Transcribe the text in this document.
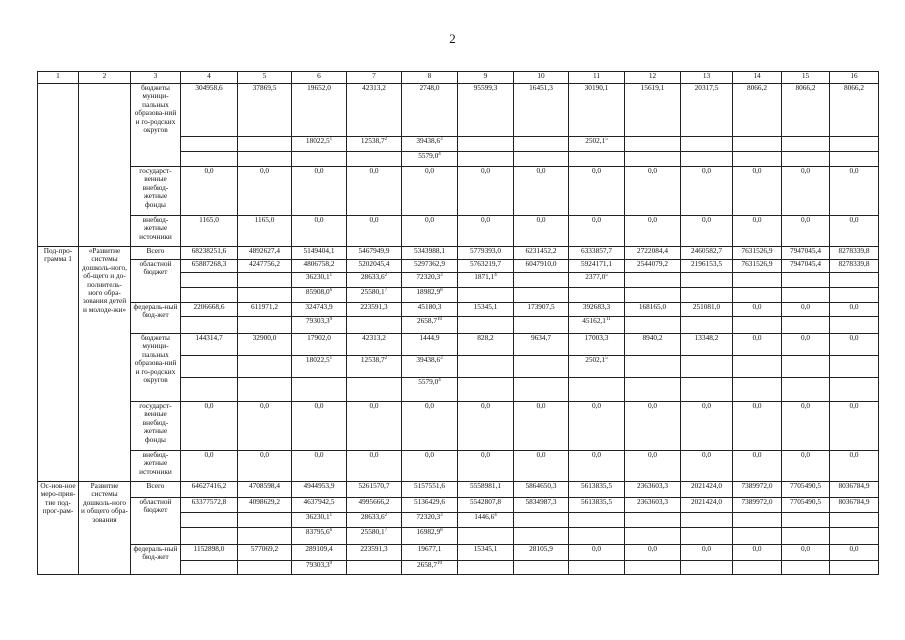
2
1	2	3	4	5	6	7	8	9	10	11	12	13	14	15	16
		бюджеты муници-пальных образова-ний и го-родских округов	304958,6	37869,5	19652,0	42313,2	2748,0	95599,3	16451,3	30190,1	15619,1	20317,5	8066,2	8066,2	8066,2
					18022,5$^1$	12538,7$^2$	39438,6$^3$			2502,1$^5$					
							5579,0$^4$								
		государст-венные внебюд-жетные фонды	0,0	0,0	0,0	0,0	0,0	0,0	0,0	0,0	0,0	0,0	0,0	0,0	0,0
		внебюд-жетные источники	1165,0	1165,0	0,0	0,0	0,0	0,0	0,0	0,0	0,0	0,0	0,0	0,0	0,0
Под-про-грамма 1	«Развитие системы дошколь-ного, об-щего и до-полнитель-ного обра-зования детей и молоде-жи»	Всего	68238251,6	4892627,4	5149404,1	5467949,9	5343988,1	5779393,0	6231452,2	6333857,7	2722084,4	2460582,7	7631526,9	7947045,4	8278339,8
		областной бюджет	65887268,3	4247756,2	4806758,2	5202045,4	5297362,9	5763219,7	6047910,0	5924171,1	2544079,2	2196153,5	7631526,9	7947045,4	8278339,8
					36230,1$^1$	28633,6$^2$	72320,3$^3$	1871,1$^4$		2377,0$^5$					
					85908,0$^6$	25580,1$^7$	18982,9$^8$								
		федераль-ный бюд-жет	2206668,6	611971,2	324743,9	223591,3	45180,3	15345,1	173907,5	392683,3	168165,0	251081,0	0,0	0,0	0,0
					79303,3$^9$		2658,7$^{10}$			45162,1$^{11}$					
		бюджеты муници-пальных образова-ний и го-родских округов	144314,7	32900,0	17902,0	42313,2	1444,9	828,2	9634,7	17003,3	8940,2	13348,2	0,0	0,0	0,0
					18022,5$^1$	12538,7$^2$	39438,6$^3$			2502,1$^5$					
							5579,0$^4$								
		государст-венные внебюд-жетные фонды	0,0	0,0	0,0	0,0	0,0	0,0	0,0	0,0	0,0	0,0	0,0	0,0	0,0
		внебюд-жетные источники	0,0	0,0	0,0	0,0	0,0	0,0	0,0	0,0	0,0	0,0	0,0	0,0	0,0
Ос-нов-ное меро-прия-тие под-прог-рам-	Развитие системы дошколь-ного и общего обра-зования	Всего	64627416,2	4708598,4	4944953,9	5261570,7	5157551,6	5558981,1	5864650,3	5613835,5	2363603,3	2021424,0	7389972,0	7705490,5	8036784,9
		областной бюджет	63377572,8	4098629,2	4637942,5	4995666,2	5136429,6	5542807,8	5834987,3	5613835,5	2363603,3	2021424,0	7389972,0	7705490,5	8036784,9
					36230,1$^1$	28633,6$^2$	72320,3$^3$	1446,6$^4$							
					83795,6$^6$	25580,1$^7$	16982,9$^8$								
		федераль-ный бюд-жет	1152898,0	577069,2	289109,4	223591,3	19677,1	15345,1	28105,9	0,0	0,0	0,0	0,0	0,0	0,0
					79303,3$^9$		2658,7$^{10}$								
